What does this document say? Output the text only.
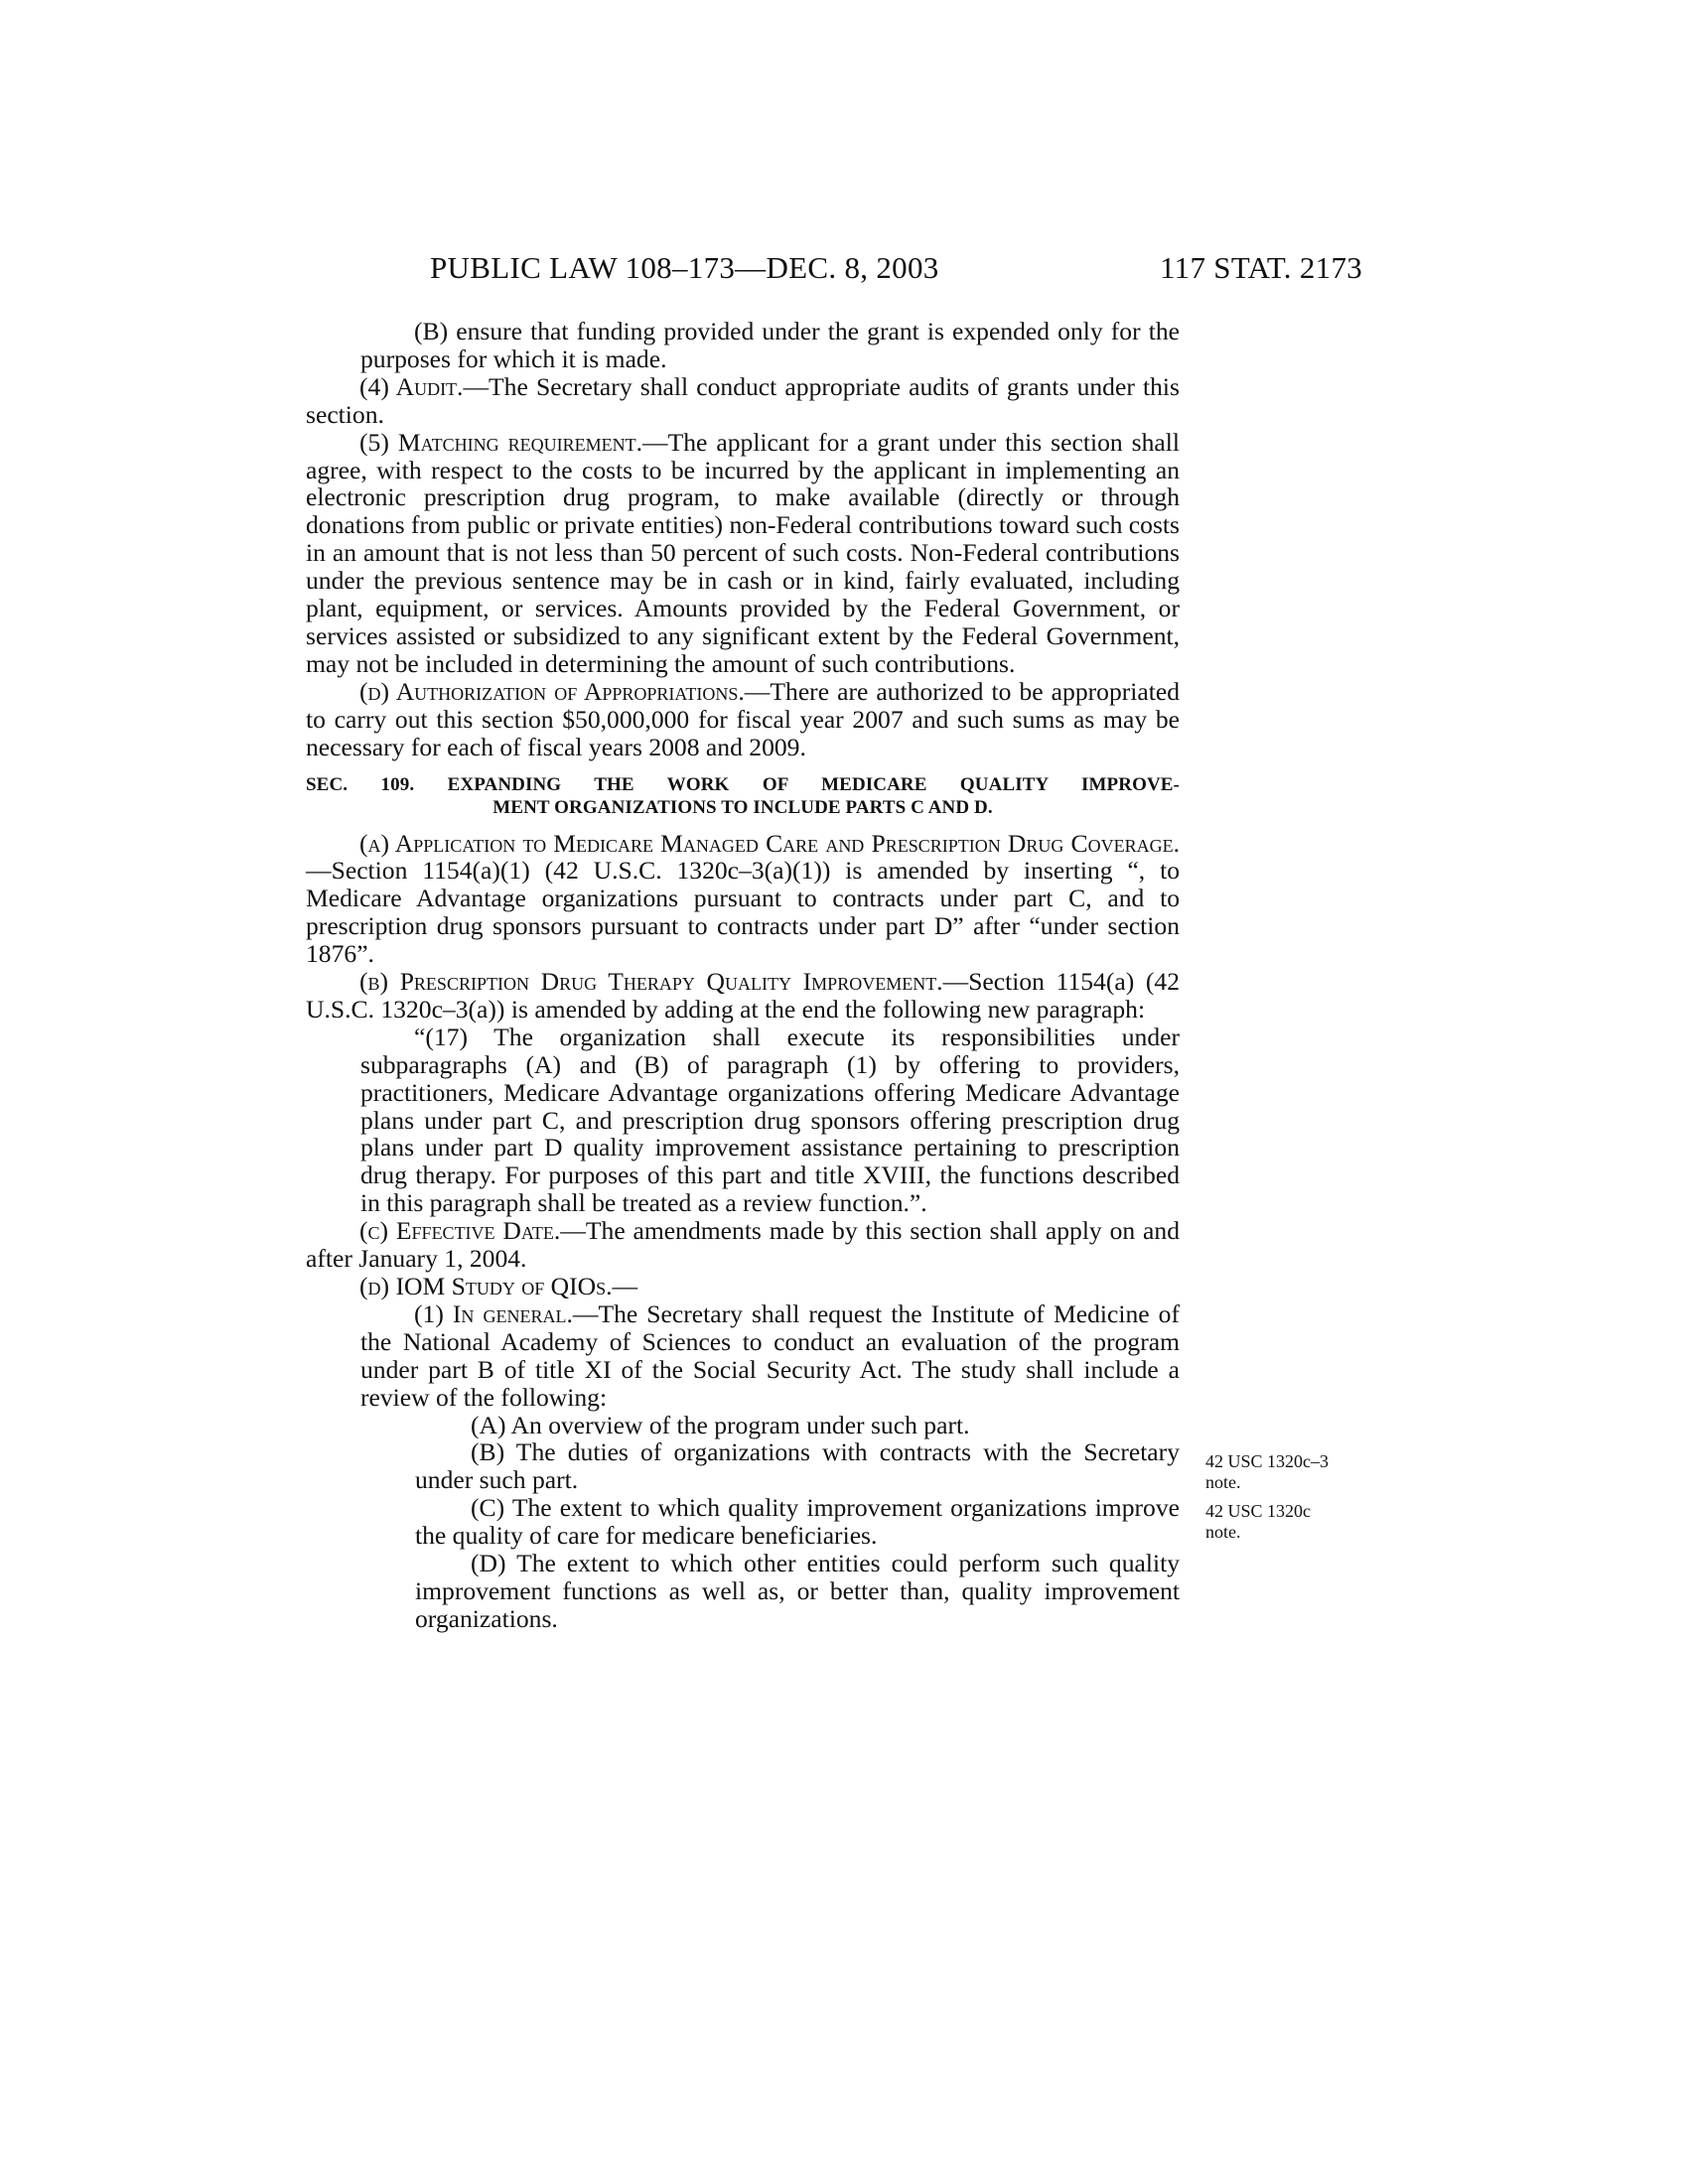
PUBLIC LAW 108–173—DEC. 8, 2003	117 STAT. 2173

(B) ensure that funding provided under the grant is expended only for the purposes for which it is made.

(4) Audit.—The Secretary shall conduct appropriate audits of grants under this section.

(5) Matching requirement.—The applicant for a grant under this section shall agree, with respect to the costs to be incurred by the applicant in implementing an electronic prescription drug program, to make available (directly or through donations from public or private entities) non-Federal contributions toward such costs in an amount that is not less than 50 percent of such costs. Non-Federal contributions under the previous sentence may be in cash or in kind, fairly evaluated, including plant, equipment, or services. Amounts provided by the Federal Government, or services assisted or subsidized to any significant extent by the Federal Government, may not be included in determining the amount of such contributions.

(d) Authorization of Appropriations.—There are authorized to be appropriated to carry out this section $50,000,000 for fiscal year 2007 and such sums as may be necessary for each of fiscal years 2008 and 2009.

SEC. 109. EXPANDING THE WORK OF MEDICARE QUALITY IMPROVE-
MENT ORGANIZATIONS TO INCLUDE PARTS C AND D.

(a) Application to Medicare Managed Care and Prescription Drug Coverage.—Section 1154(a)(1) (42 U.S.C. 1320c–3(a)(1)) is amended by inserting “, to Medicare Advantage organizations pursuant to contracts under part C, and to prescription drug sponsors pursuant to contracts under part D” after “under section 1876”.

(b) Prescription Drug Therapy Quality Improvement.—Section 1154(a) (42 U.S.C. 1320c–3(a)) is amended by adding at the end the following new paragraph:

“(17) The organization shall execute its responsibilities under subparagraphs (A) and (B) of paragraph (1) by offering to providers, practitioners, Medicare Advantage organizations offering Medicare Advantage plans under part C, and prescription drug sponsors offering prescription drug plans under part D quality improvement assistance pertaining to prescription drug therapy. For purposes of this part and title XVIII, the functions described in this paragraph shall be treated as a review function.”.

(c) Effective Date.—The amendments made by this section shall apply on and after January 1, 2004.

(d) IOM Study of QIOs.—

(1) In general.—The Secretary shall request the Institute of Medicine of the National Academy of Sciences to conduct an evaluation of the program under part B of title XI of the Social Security Act. The study shall include a review of the following:

(A) An overview of the program under such part.

(B) The duties of organizations with contracts with the Secretary under such part.

(C) The extent to which quality improvement organizations improve the quality of care for medicare beneficiaries.

(D) The extent to which other entities could perform such quality improvement functions as well as, or better than, quality improvement organizations.

42 USC 1320c–3
note.
42 USC 1320c
note.
